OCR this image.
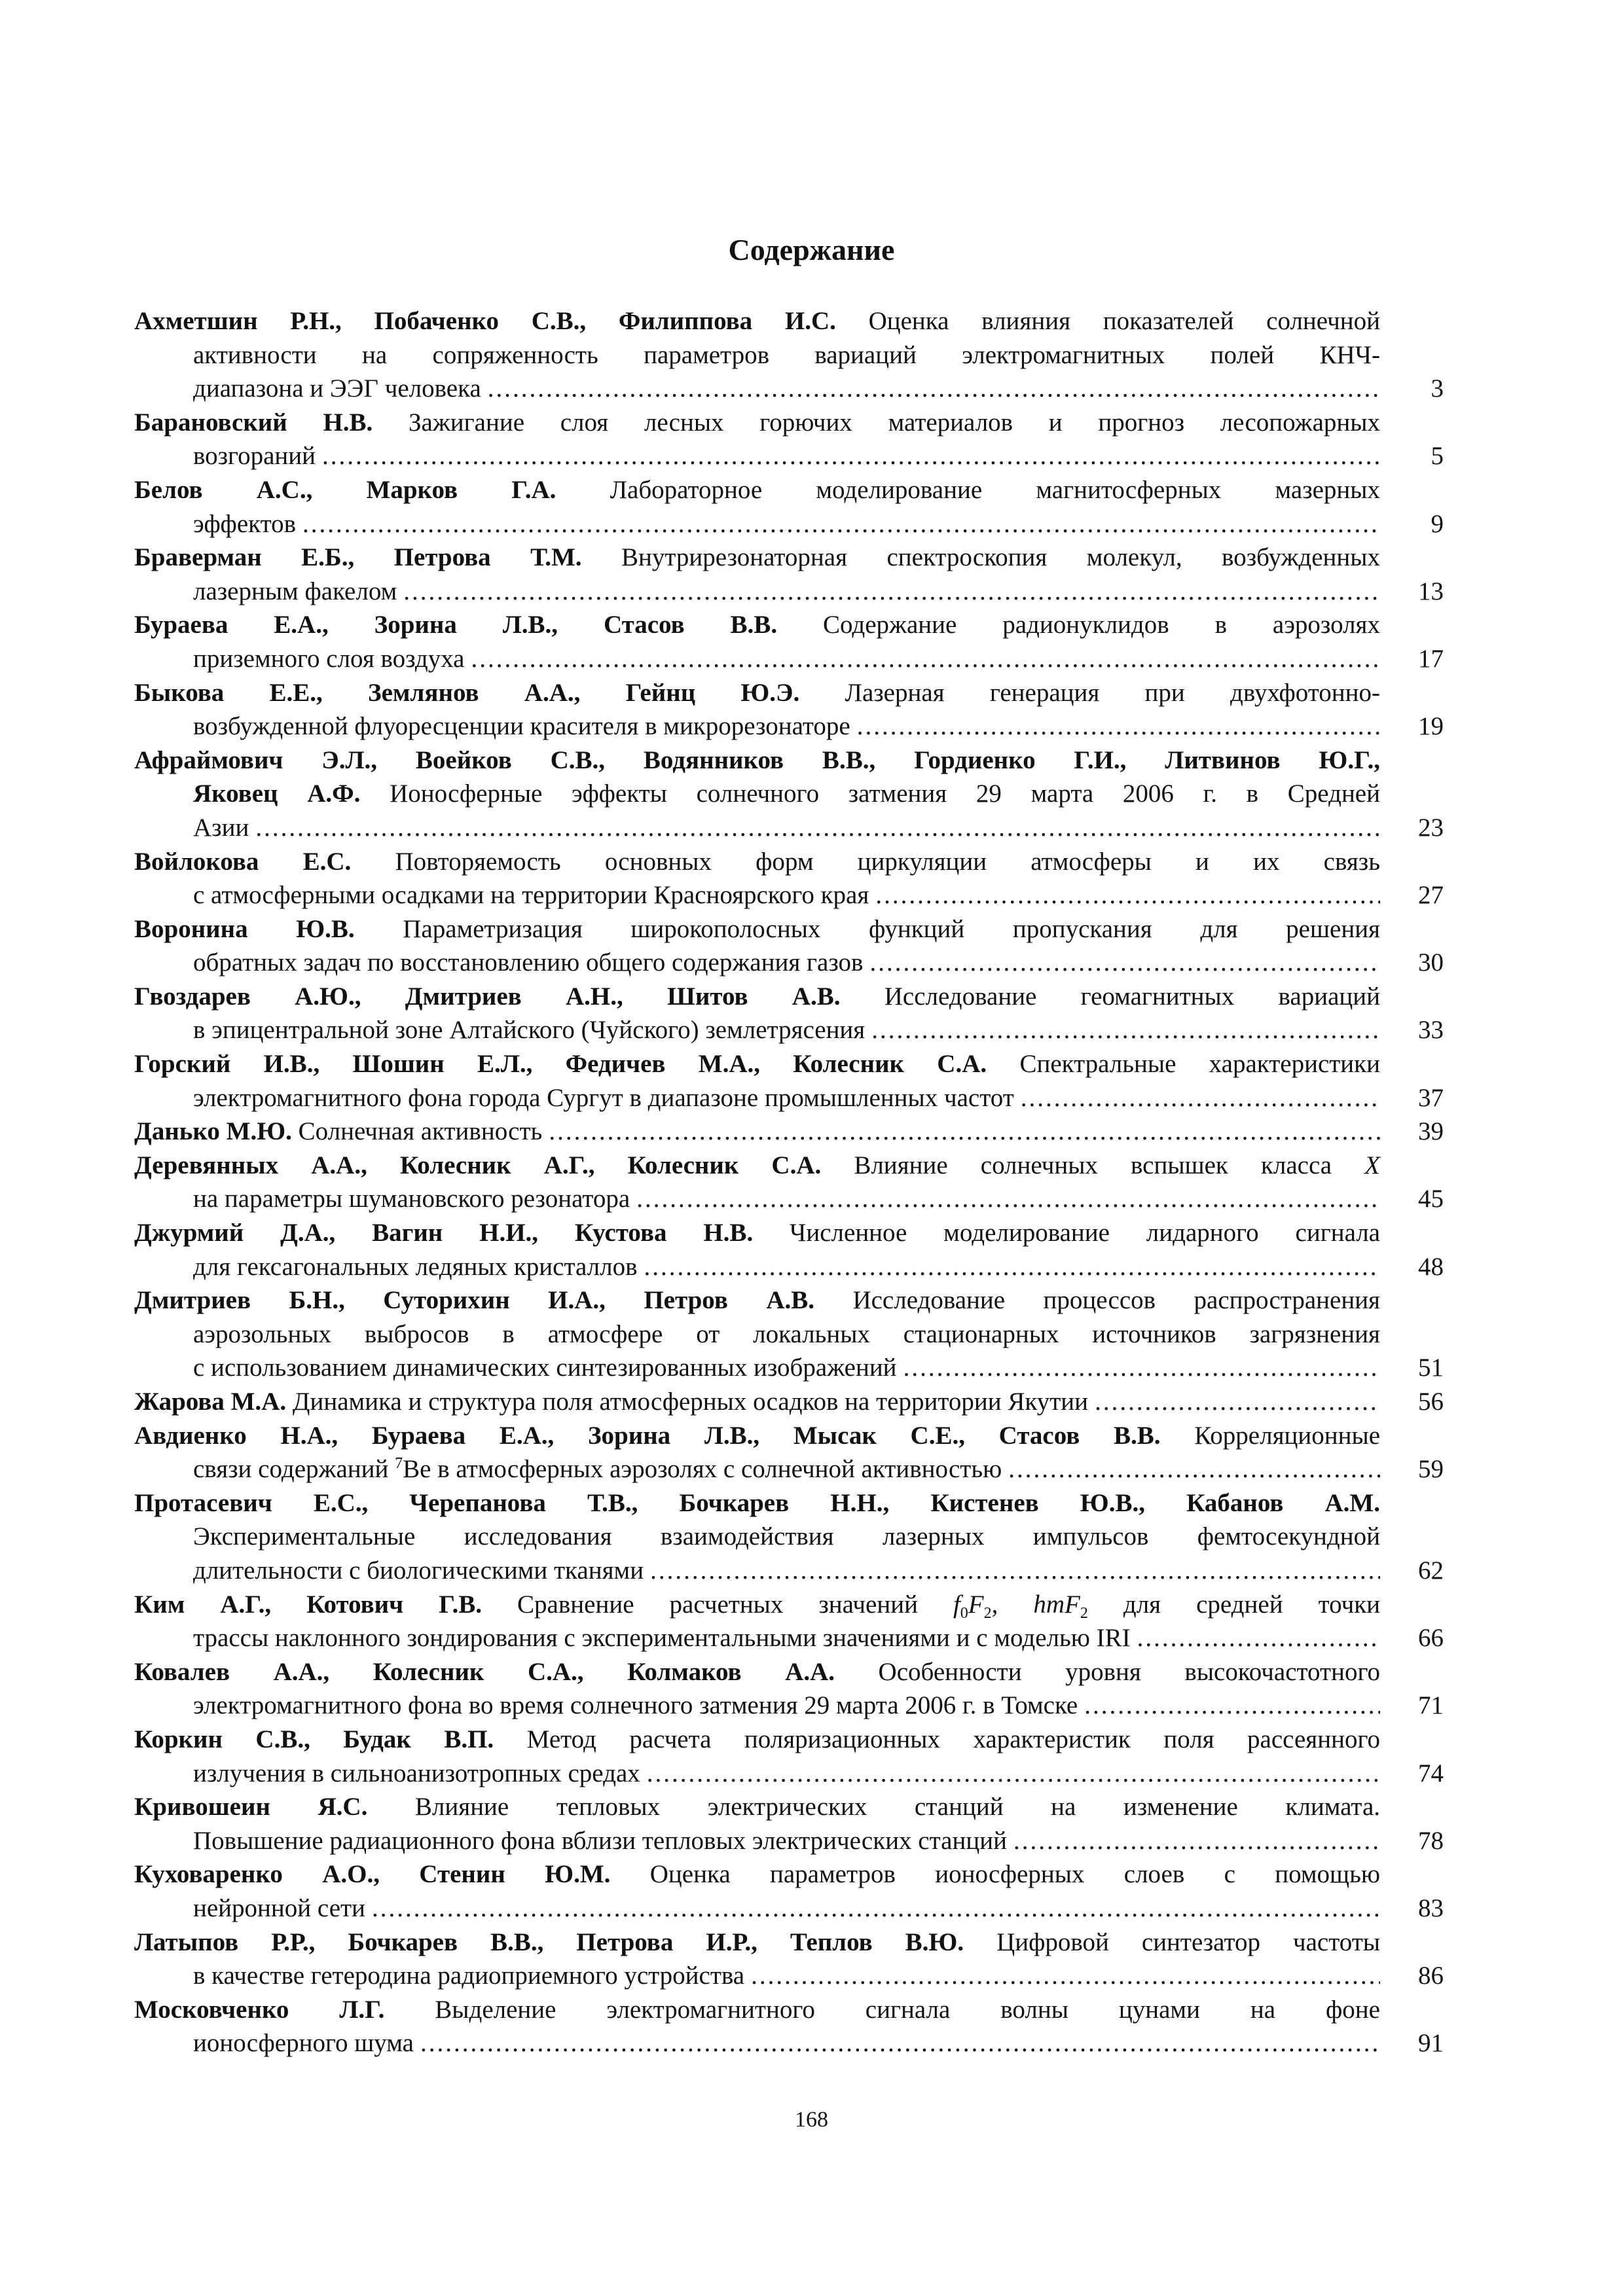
Содержание
Ахметшин Р.Н., Побаченко С.В., Филиппова И.С. Оценка влияния показателей солнечной
активности на сопряженность параметров вариаций электромагнитных полей КНЧ-
диапазона и ЭЭГ человека .....	3
Барановский Н.В. Зажигание слоя лесных горючих материалов и прогноз лесопожарных
возгораний .....	5
Белов А.С., Марков Г.А. Лабораторное моделирование магнитосферных мазерных
эффектов .....	9
Браверман Е.Б., Петрова Т.М. Внутрирезонаторная спектроскопия молекул, возбужденных
лазерным факелом .....	13
Бураева Е.А., Зорина Л.В., Стасов В.В. Содержание радионуклидов в аэрозолях
приземного слоя воздуха .....	17
Быкова Е.Е., Землянов А.А., Гейнц Ю.Э. Лазерная генерация при двухфотонно-
возбужденной флуоресценции красителя в микрорезонаторе .....	19
Афраймович Э.Л., Воейков С.В., Водянников В.В., Гордиенко Г.И., Литвинов Ю.Г.,
Яковец А.Ф. Ионосферные эффекты солнечного затмения 29 марта 2006 г. в Средней
Азии .....	23
Войлокова Е.С. Повторяемость основных форм циркуляции атмосферы и их связь
с атмосферными осадками на территории Красноярского края .....	27
Воронина Ю.В. Параметризация широкополосных функций пропускания для решения
обратных задач по восстановлению общего содержания газов .....	30
Гвоздарев А.Ю., Дмитриев А.Н., Шитов А.В. Исследование геомагнитных вариаций
в эпицентральной зоне Алтайского (Чуйского) землетрясения .....	33
Горский И.В., Шошин Е.Л., Федичев М.А., Колесник С.А. Спектральные характеристики
электромагнитного фона города Сургут в диапазоне промышленных частот .....	37
Данько М.Ю. Солнечная активность .....	39
Деревянных А.А., Колесник А.Г., Колесник С.А. Влияние солнечных вспышек класса X
на параметры шумановского резонатора .....	45
Джурмий Д.А., Вагин Н.И., Кустова Н.В. Численное моделирование лидарного сигнала
для гексагональных ледяных кристаллов .....	48
Дмитриев Б.Н., Суторихин И.А., Петров А.В. Исследование процессов распространения
аэрозольных выбросов в атмосфере от локальных стационарных источников загрязнения
с использованием динамических синтезированных изображений .....	51
Жарова М.А. Динамика и структура поля атмосферных осадков на территории Якутии .....	56
Авдиенко Н.А., Бураева Е.А., Зорина Л.В., Мысак С.Е., Стасов В.В. Корреляционные
связи содержаний $^7$Be в атмосферных аэрозолях с солнечной активностью .....	59
Протасевич Е.С., Черепанова Т.В., Бочкарев Н.Н., Кистенев Ю.В., Кабанов А.М.
Экспериментальные исследования взаимодействия лазерных импульсов фемтосекундной
длительности с биологическими тканями .....	62
Ким А.Г., Котович Г.В. Сравнение расчетных значений $f_0F_2$, hmF$_2$ для средней точки
трассы наклонного зондирования с экспериментальными значениями и с моделью IRI .....	66
Ковалев А.А., Колесник С.А., Колмаков А.А. Особенности уровня высокочастотного
электромагнитного фона во время солнечного затмения 29 марта 2006 г. в Томске .....	71
Коркин С.В., Будак В.П. Метод расчета поляризационных характеристик поля рассеянного
излучения в сильноанизотропных средах .....	74
Кривошеин Я.С. Влияние тепловых электрических станций на изменение климата.
Повышение радиационного фона вблизи тепловых электрических станций .....	78
Куховаренко А.О., Стенин Ю.М. Оценка параметров ионосферных слоев с помощью
нейронной сети .....	83
Латыпов Р.Р., Бочкарев В.В., Петрова И.Р., Теплов В.Ю. Цифровой синтезатор частоты
в качестве гетеродина радиоприемного устройства .....	86
Московченко Л.Г. Выделение электромагнитного сигнала волны цунами на фоне
ионосферного шума .....	91
168
